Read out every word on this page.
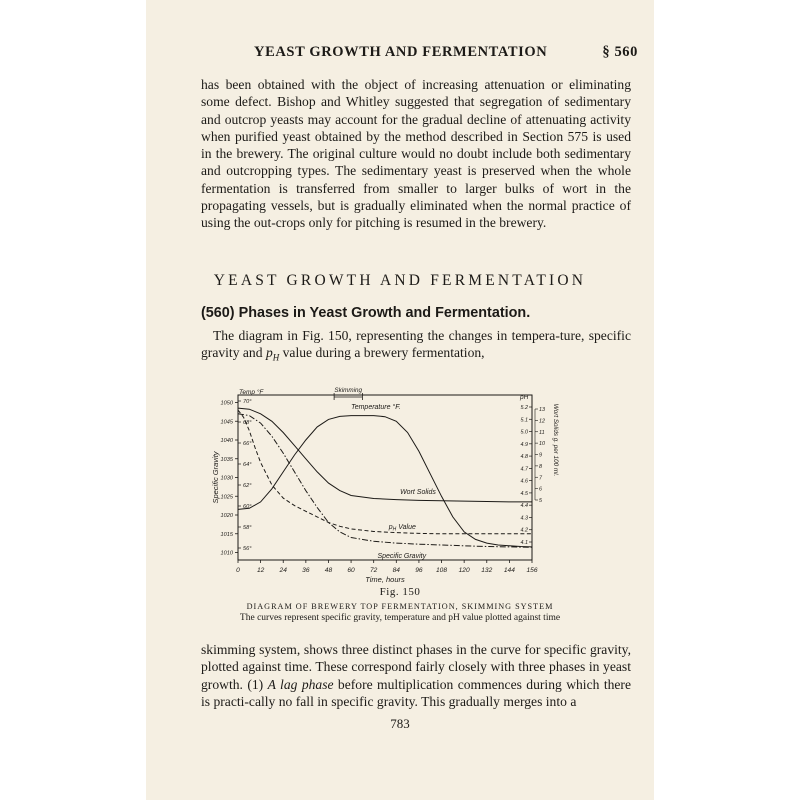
YEAST GROWTH AND FERMENTATION	§ 560

has been obtained with the object of increasing attenuation or eliminating some defect. Bishop and Whitley suggested that segregation of sedimentary and outcrop yeasts may account for the gradual decline of attenuating activity when purified yeast obtained by the method described in Section 575 is used in the brewery. The original culture would no doubt include both sedimentary and outcropping types. The sedimentary yeast is preserved when the whole fermentation is transferred from smaller to larger bulks of wort in the propagating vessels, but is gradually eliminated when the normal practice of using the out-crops only for pitching is resumed in the brewery.

YEAST GROWTH AND FERMENTATION
(560) Phases in Yeast Growth and Fermentation.

The diagram in Fig. 150, representing the changes in tempera-ture, specific gravity and $p_H$ value during a brewery fermentation,

0	12 24 36 48 60 72 84 96 108 120 132 144 156
1050
1045
1040
1035
1030
1025
1020
1015
1010
70°
68°
66°
64°
62°
60°
58°
56°
5.2
5.1
5.0
4.9
4.8
4.7
4.6
4.5
4.4
4.3
4.2
4.1
13
12
11
10
9
8
7
6
5
Time, hours
Specific Gravity
Temp °F
pH
Wort Solids g. per 100 ml.
Skimming
Temperature °F.
Wort Solids
$p_H$ Value
Specific Gravity
Fig. 150
DIAGRAM OF BREWERY TOP FERMENTATION, SKIMMING SYSTEM
The curves represent specific gravity, temperature and pH value plotted against time

skimming system, shows three distinct phases in the curve for specific gravity, plotted against time. These correspond fairly closely with three phases in yeast growth. (1) A lag phase before multiplication commences during which there is practi-cally no fall in specific gravity. This gradually merges into a

783
